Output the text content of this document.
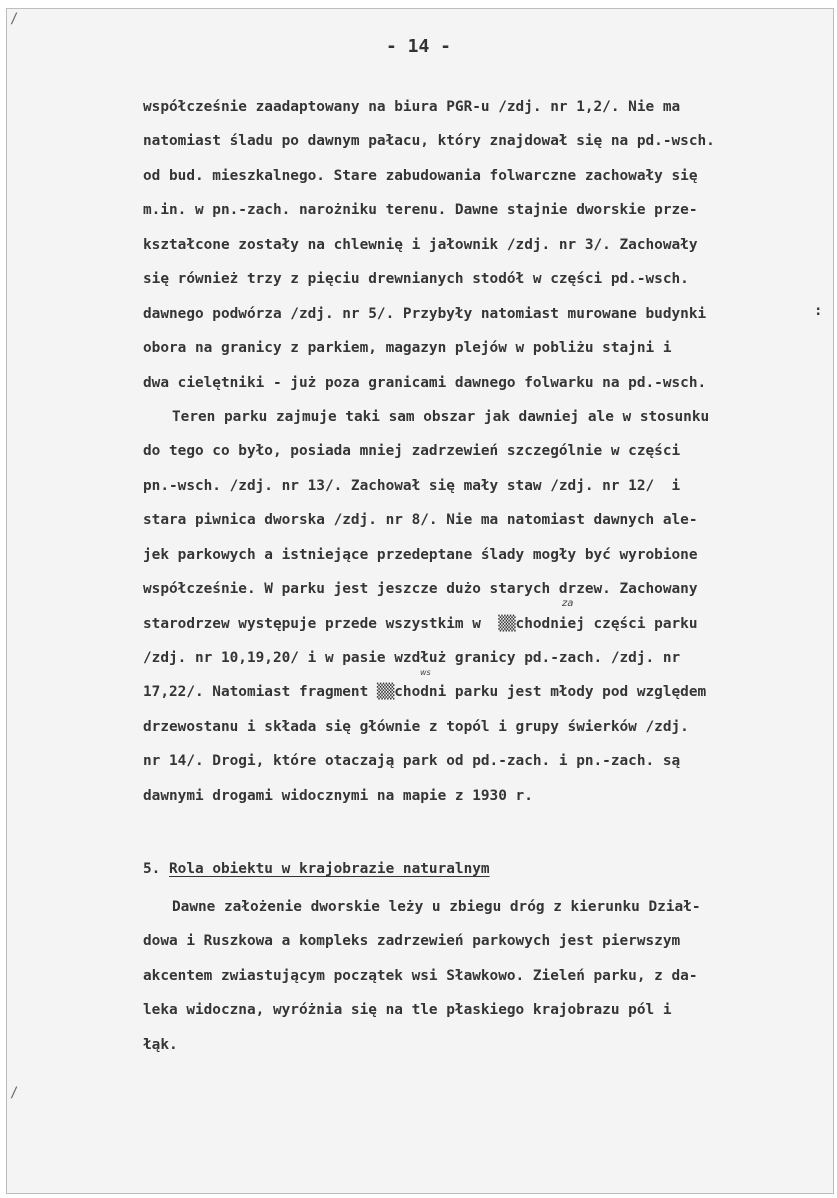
/
/
:
- 14 -
współcześnie zaadaptowany na biura PGR-u /zdj. nr 1,2/. Nie ma
natomiast śladu po dawnym pałacu, który znajdował się na pd.-wsch.
od bud. mieszkalnego. Stare zabudowania folwarczne zachowały się
m.in. w pn.-zach. narożniku terenu. Dawne stajnie dworskie prze-
kształcone zostały na chlewnię i jałownik /zdj. nr 3/. Zachowały
się również trzy z pięciu drewnianych stodół w części pd.-wsch.
dawnego podwórza /zdj. nr 5/. Przybyły natomiast murowane budynki
obora na granicy z parkiem, magazyn plejów w pobliżu stajni i
dwa cielętniki - już poza granicami dawnego folwarku na pd.-wsch.
Teren parku zajmuje taki sam obszar jak dawniej ale w stosunku
do tego co było, posiada mniej zadrzewień szczególnie w części
pn.-wsch. /zdj. nr 13/. Zachował się mały staw /zdj. nr 12/  i
stara piwnica dworska /zdj. nr 8/. Nie ma natomiast dawnych ale-
jek parkowych a istniejące przedeptane ślady mogły być wyrobione
współcześnie. W parku jest jeszcze dużo starych drzew. Zachowany
starodrzew występuje przede wszystkim w  ▒▒chodniej części parku
/zdj. nr 10,19,20/ i w pasie wzdłuż granicy pd.-zach. /zdj. nr
17,22/. Natomiast fragment ▒▒chodni parku jest młody pod względem
drzewostanu i składa się głównie z topól i grupy świerków /zdj.
nr 14/. Drogi, które otaczają park od pd.-zach. i pn.-zach. są
dawnymi drogami widocznymi na mapie z 1930 r.
za
ws
5. Rola obiektu w krajobrazie naturalnym
Dawne założenie dworskie leży u zbiegu dróg z kierunku Dział-
dowa i Ruszkowa a kompleks zadrzewień parkowych jest pierwszym
akcentem zwiastującym początek wsi Sławkowo. Zieleń parku, z da-
leka widoczna, wyróżnia się na tle płaskiego krajobrazu pól i
łąk.
